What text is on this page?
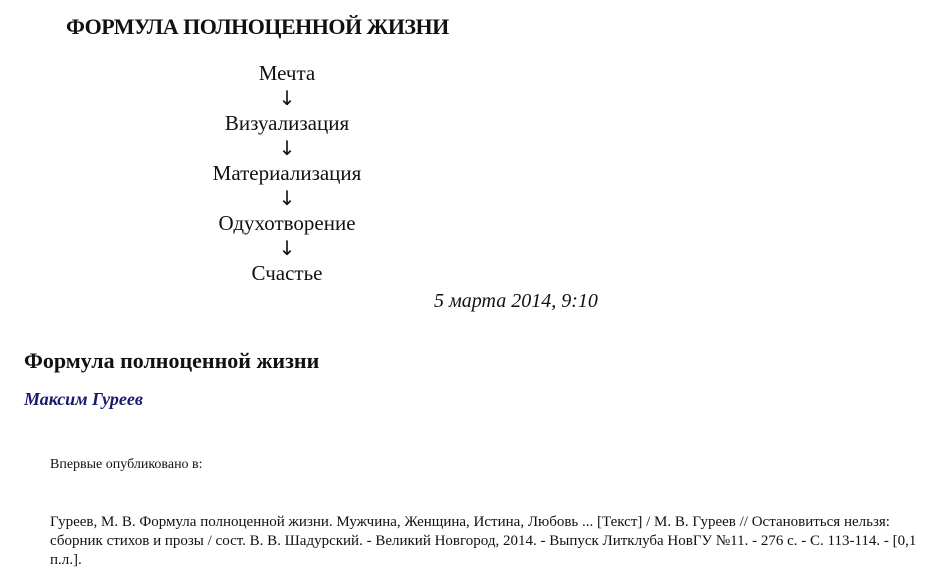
ФОРМУЛА ПОЛНОЦЕННОЙ ЖИЗНИ
Мечта
↓
Визуализация
↓
Материализация
↓
Одухотворение
↓
Счастье
5 марта 2014, 9:10
Формула полноценной жизни
Максим Гуреев
Впервые опубликовано в:
Гуреев, М. В. Формула полноценной жизни. Мужчина, Женщина, Истина, Любовь ... [Текст] / М. В. Гуреев // Остановиться нельзя: сборник стихов и прозы / сост. В. В. Шадурский. - Великий Новгород, 2014. - Выпуск Литклуба НовГУ №11. - 276 с. - С. 113-114. - [0,1 п.л.].
